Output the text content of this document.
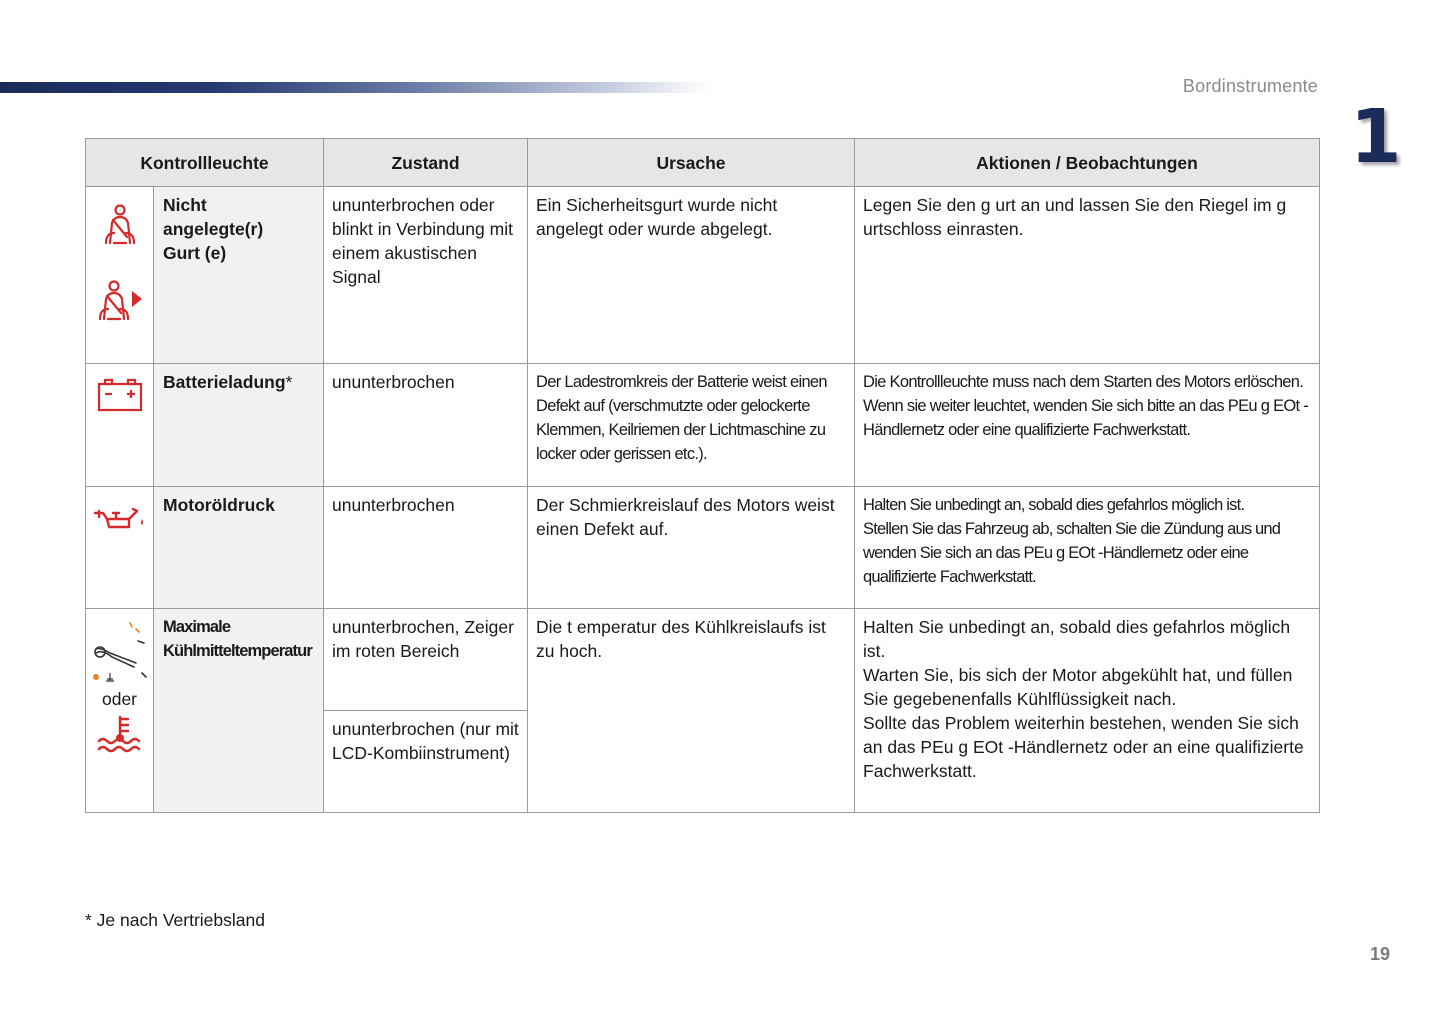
Bordinstrumente
1
Kontrollleuchte		Zustand	Ursache	Aktionen / Beobachtungen

	Nicht angelegte(r) Gurt (e)	ununterbrochen oder blinkt in Verbindung mit einem akustischen Signal	Ein Sicherheitsgurt wurde nicht angelegt oder wurde abgelegt.	Legen Sie den g urt an und lassen Sie den Riegel im g urtschloss einrasten.

	Batterieladung*	ununterbrochen	Der Ladestromkreis der Batterie weist einen Defekt auf (verschmutzte oder gelockerte Klemmen, Keilriemen der Lichtmaschine zu locker oder gerissen etc.).	Die Kontrollleuchte muss nach dem Starten des Motors erlöschen.
Wenn sie weiter leuchtet, wenden Sie sich bitte an das PEu g EOt -Händlernetz oder eine qualifizierte Fachwerkstatt.

	Motoröldruck	ununterbrochen	Der Schmierkreislauf des Motors weist einen Defekt auf.	Halten Sie unbedingt an, sobald dies gefahrlos möglich ist.
Stellen Sie das Fahrzeug ab, schalten Sie die Zündung aus und wenden Sie sich an das PEu g EOt -Händlernetz oder eine qualifizierte Fachwerkstatt.

oder	Maximale Kühlmitteltemperatur	ununterbrochen, Zeiger im roten Bereich	Die t emperatur des Kühlkreislaufs ist zu hoch.	Halten Sie unbedingt an, sobald dies gefahrlos möglich ist.
Warten Sie, bis sich der Motor abgekühlt hat, und füllen Sie gegebenenfalls Kühlflüssigkeit nach.
Sollte das Problem weiterhin bestehen, wenden Sie sich an das PEu g EOt -Händlernetz oder an eine qualifizierte Fachwerkstatt.

		ununterbrochen (nur mit LCD-Kombiinstrument)		
* Je nach Vertriebsland
19
